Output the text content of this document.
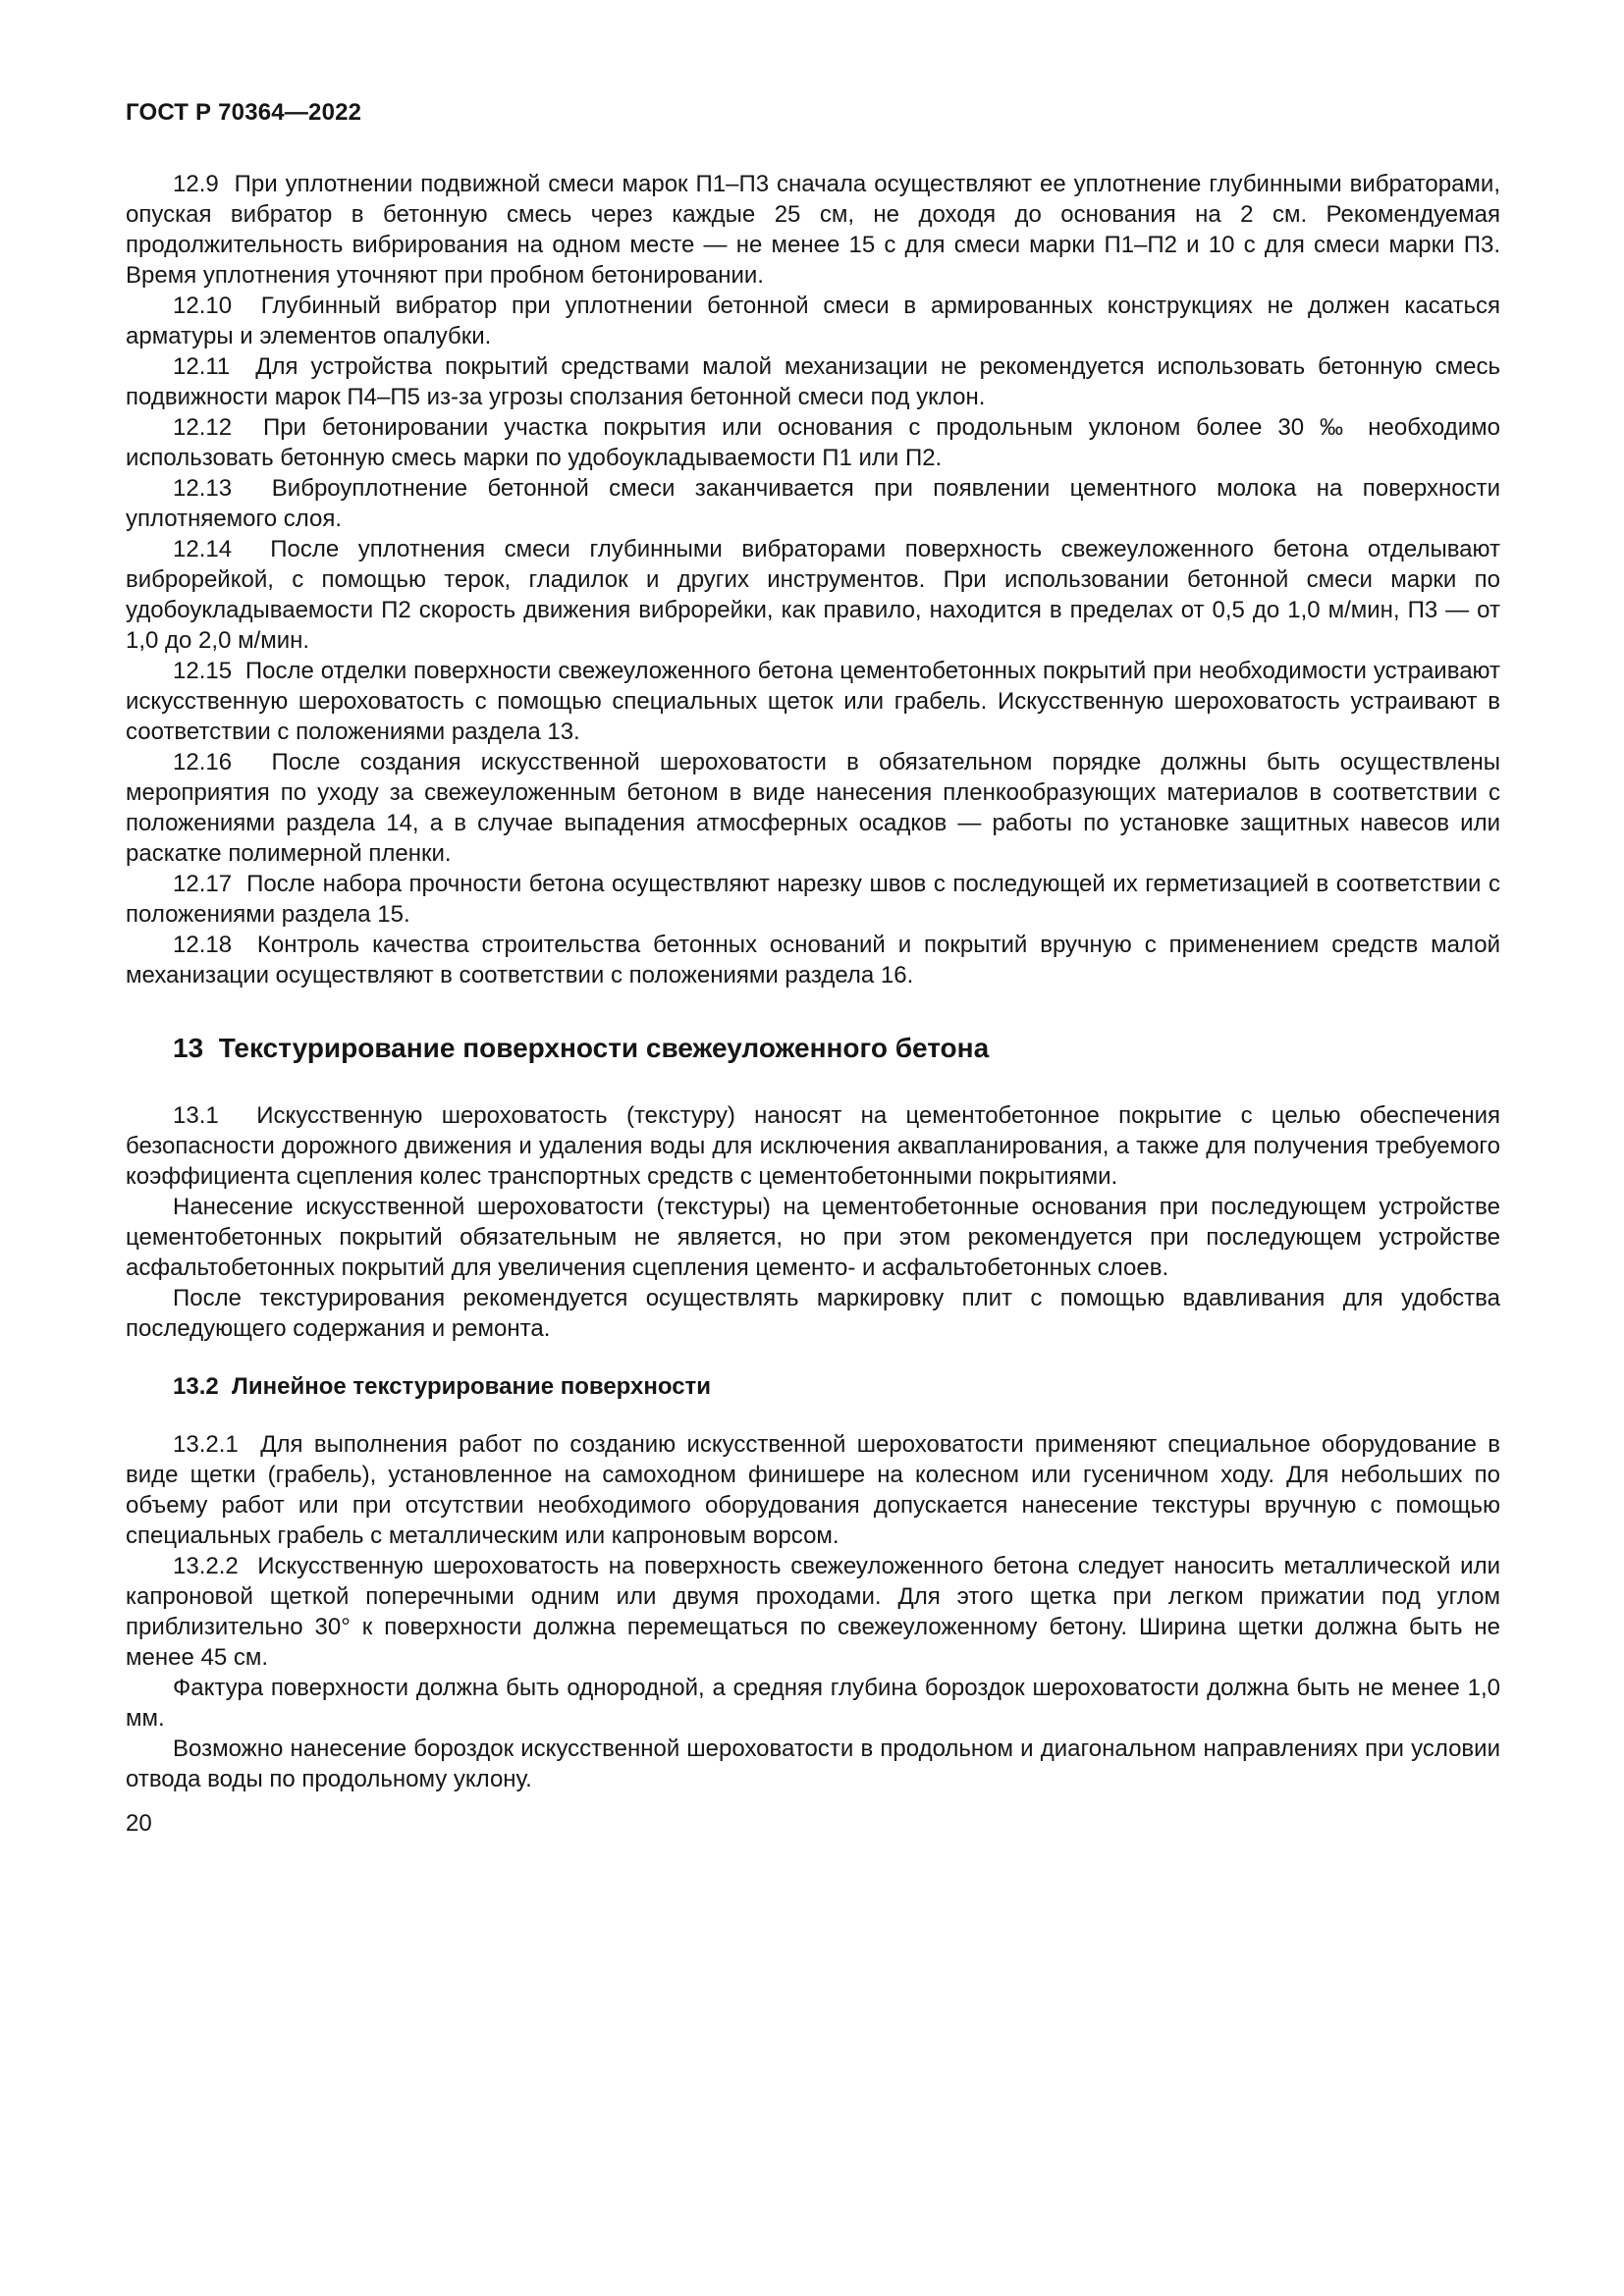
ГОСТ Р 70364—2022

12.9  При уплотнении подвижной смеси марок П1–П3 сначала осуществляют ее уплотнение глубинными вибраторами, опуская вибратор в бетонную смесь через каждые 25 см, не доходя до основания на 2 см. Рекомендуемая продолжительность вибрирования на одном месте — не менее 15 с для смеси марки П1–П2 и 10 с для смеси марки П3. Время уплотнения уточняют при пробном бетонировании.

12.10  Глубинный вибратор при уплотнении бетонной смеси в армированных конструкциях не должен касаться арматуры и элементов опалубки.

12.11  Для устройства покрытий средствами малой механизации не рекомендуется использовать бетонную смесь подвижности марок П4–П5 из-за угрозы сползания бетонной смеси под уклон.

12.12  При бетонировании участка покрытия или основания с продольным уклоном более 30 ‰ необходимо использовать бетонную смесь марки по удобоукладываемости П1 или П2.

12.13  Виброуплотнение бетонной смеси заканчивается при появлении цементного молока на поверхности уплотняемого слоя.

12.14  После уплотнения смеси глубинными вибраторами поверхность свежеуложенного бетона отделывают виброрейкой, с помощью терок, гладилок и других инструментов. При использовании бетонной смеси марки по удобоукладываемости П2 скорость движения виброрейки, как правило, находится в пределах от 0,5 до 1,0 м/мин, П3 — от 1,0 до 2,0 м/мин.

12.15  После отделки поверхности свежеуложенного бетона цементобетонных покрытий при необходимости устраивают искусственную шероховатость с помощью специальных щеток или грабель. Искусственную шероховатость устраивают в соответствии с положениями раздела 13.

12.16  После создания искусственной шероховатости в обязательном порядке должны быть осуществлены мероприятия по уходу за свежеуложенным бетоном в виде нанесения пленкообразующих материалов в соответствии с положениями раздела 14, а в случае выпадения атмосферных осадков — работы по установке защитных навесов или раскатке полимерной пленки.

12.17  После набора прочности бетона осуществляют нарезку швов с последующей их герметизацией в соответствии с положениями раздела 15.

12.18  Контроль качества строительства бетонных оснований и покрытий вручную с применением средств малой механизации осуществляют в соответствии с положениями раздела 16.

13  Текстурирование поверхности свежеуложенного бетона

13.1  Искусственную шероховатость (текстуру) наносят на цементобетонное покрытие с целью обеспечения безопасности дорожного движения и удаления воды для исключения аквапланирования, а также для получения требуемого коэффициента сцепления колес транспортных средств с цементобетонными покрытиями.

Нанесение искусственной шероховатости (текстуры) на цементобетонные основания при последующем устройстве цементобетонных покрытий обязательным не является, но при этом рекомендуется при последующем устройстве асфальтобетонных покрытий для увеличения сцепления цементо- и асфальтобетонных слоев.

После текстурирования рекомендуется осуществлять маркировку плит с помощью вдавливания для удобства последующего содержания и ремонта.

13.2  Линейное текстурирование поверхности

13.2.1  Для выполнения работ по созданию искусственной шероховатости применяют специальное оборудование в виде щетки (грабель), установленное на самоходном финишере на колесном или гусеничном ходу. Для небольших по объему работ или при отсутствии необходимого оборудования допускается нанесение текстуры вручную с помощью специальных грабель с металлическим или капроновым ворсом.

13.2.2  Искусственную шероховатость на поверхность свежеуложенного бетона следует наносить металлической или капроновой щеткой поперечными одним или двумя проходами. Для этого щетка при легком прижатии под углом приблизительно 30° к поверхности должна перемещаться по свежеуложенному бетону. Ширина щетки должна быть не менее 45 см.

Фактура поверхности должна быть однородной, а средняя глубина бороздок шероховатости должна быть не менее 1,0 мм.

Возможно нанесение бороздок искусственной шероховатости в продольном и диагональном направлениях при условии отвода воды по продольному уклону.

20
